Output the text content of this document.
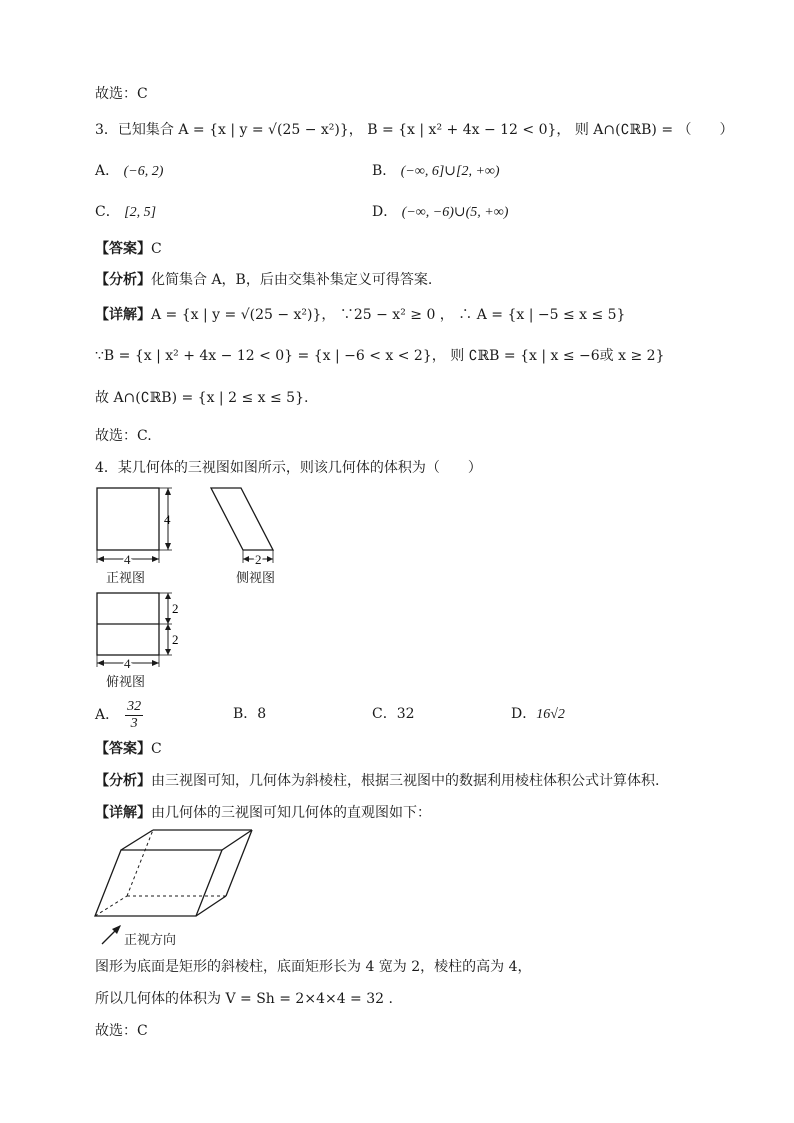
故选：C
3．已知集合 A = {x | y = √(25 − x²)}， B = {x | x² + 4x − 12 < 0}， 则 A∩(∁ℝB) = （　　）
A． (−6, 2)	B． (−∞, 6]∪[2, +∞)
C． [2, 5]	D． (−∞, −6)∪(5, +∞)
【答案】C
【分析】化简集合 A，B，后由交集补集定义可得答案.
【详解】A = {x | y = √(25 − x²)}， ∵25 − x² ≥ 0 ， ∴ A = {x | −5 ≤ x ≤ 5}
∵B = {x | x² + 4x − 12 < 0} = {x | −6 < x < 2}， 则 ∁ℝB = {x | x ≤ −6或 x ≥ 2}
故 A∩(∁ℝB) = {x | 2 ≤ x ≤ 5}.
故选：C.
4．某几何体的三视图如图所示，则该几何体的体积为（　　）
4
4	2
2
2
4
正视图	侧视图
俯视图
A． $\frac{32}{3}$	B．8	C．32	D．16√2
【答案】C
【分析】由三视图可知，几何体为斜棱柱，根据三视图中的数据利用棱柱体积公式计算体积.
【详解】由几何体的三视图可知几何体的直观图如下：
正视方向
图形为底面是矩形的斜棱柱，底面矩形长为 4 宽为 2，棱柱的高为 4，
所以几何体的体积为 V = Sh = 2×4×4 = 32 .
故选：C
